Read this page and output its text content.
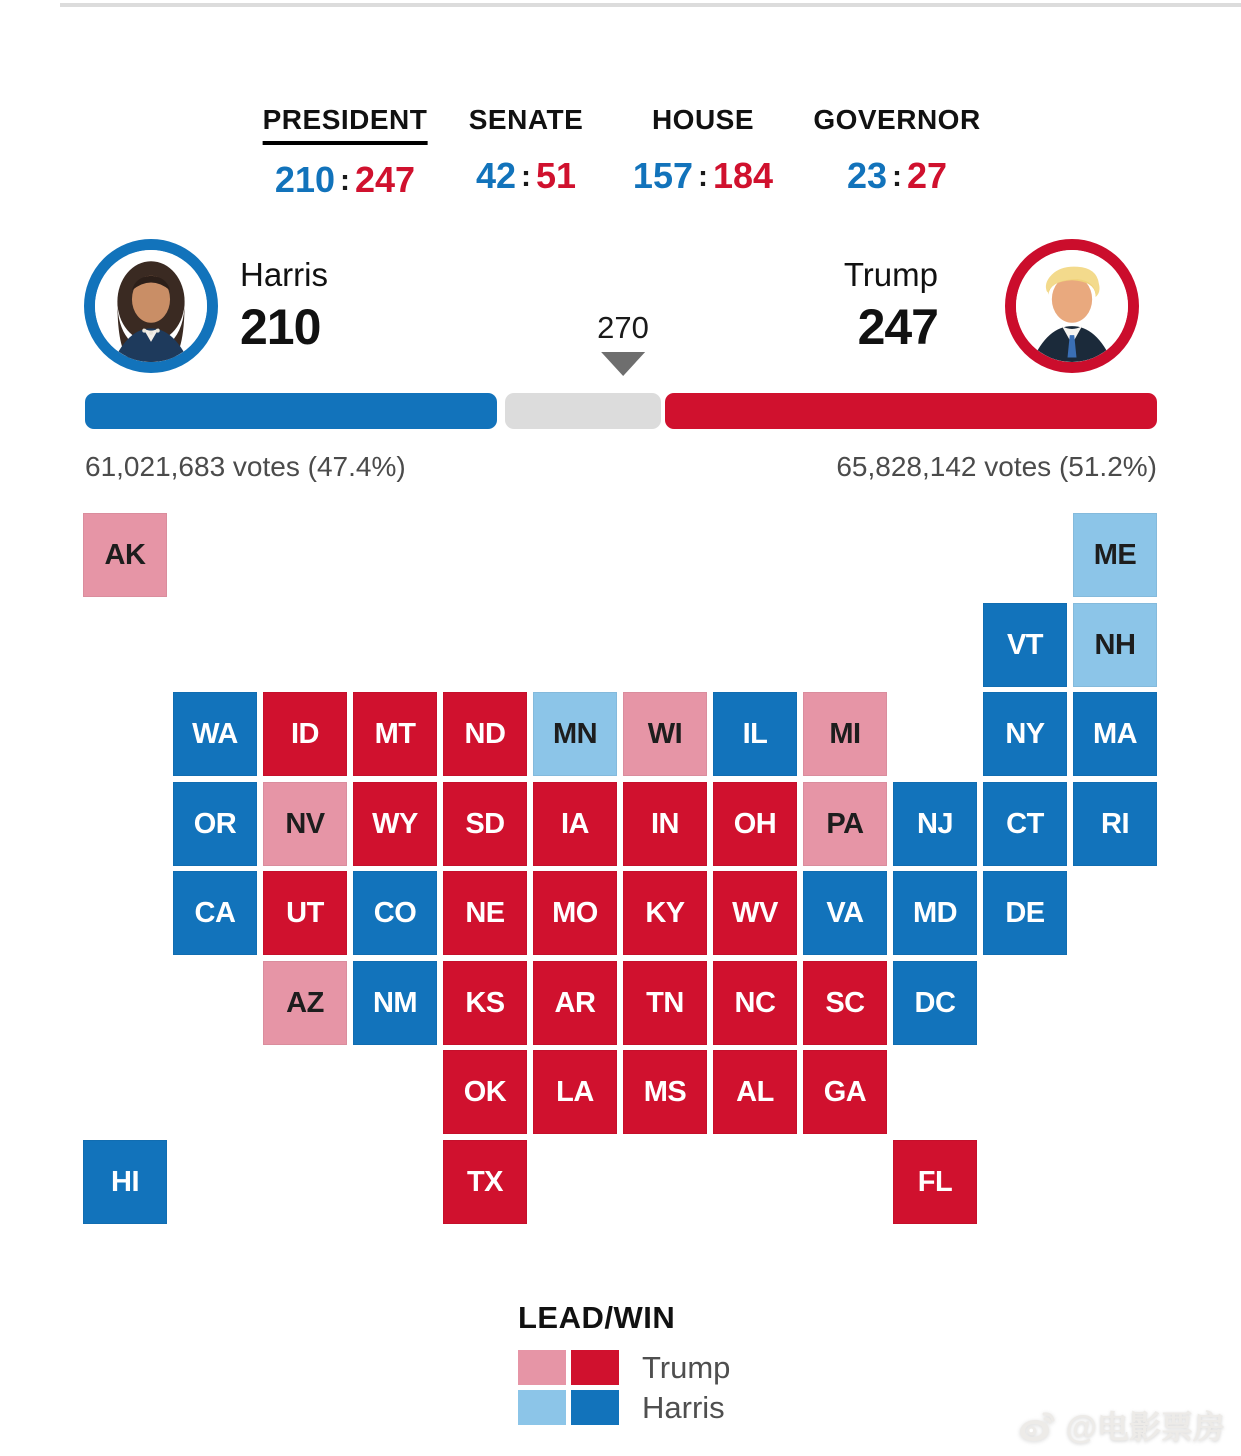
PRESIDENT
210 : 247
SENATE
42 : 51
HOUSE
157 : 184
GOVERNOR
23 : 27
Harris
210
Trump
247
270
61,021,683 votes (47.4%)	65,828,142 votes (51.2%)
AK	ME
VT	NH
WA	ID	MT	ND	MN	WI	IL	MI	NY	MA
OR	NV	WY	SD	IA	IN	OH	PA	NJ	CT	RI
CA	UT	CO	NE	MO	KY	WV	VA	MD	DE
AZ	NM	KS	AR	TN	NC	SC	DC
OK	LA	MS	AL	GA
HI	TX	FL
LEAD/WIN
Trump
Harris
@电影票房
